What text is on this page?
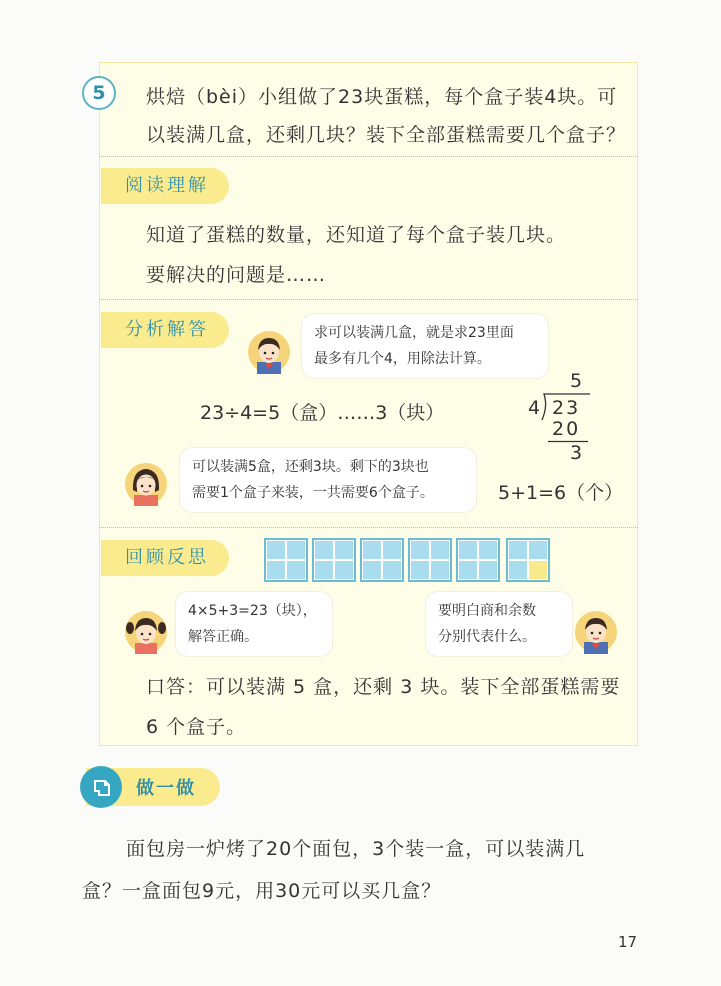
5	烘焙（bèi）小组做了23块蛋糕，每个盒子装4块。可
以装满几盒，还剩几块？装下全部蛋糕需要几个盒子？
阅读理解
知道了蛋糕的数量，还知道了每个盒子装几块。
要解决的问题是……
分析解答	求可以装满几盒，就是求23里面
最多有几个4，用除法计算。
23÷4=5（盒）……3（块）
5
4 23
20
3
可以装满5盒，还剩3块。剩下的3块也
需要1个盒子来装，一共需要6个盒子。	5+1=6（个）
回顾反思
4×5+3=23（块），
解答正确。
要明白商和余数
分别代表什么。
口答：可以装满 5 盒，还剩 3 块。装下全部蛋糕需要
6 个盒子。
做一做
面包房一炉烤了20个面包，3个装一盒，可以装满几
盒？一盒面包9元，用30元可以买几盒？
17
